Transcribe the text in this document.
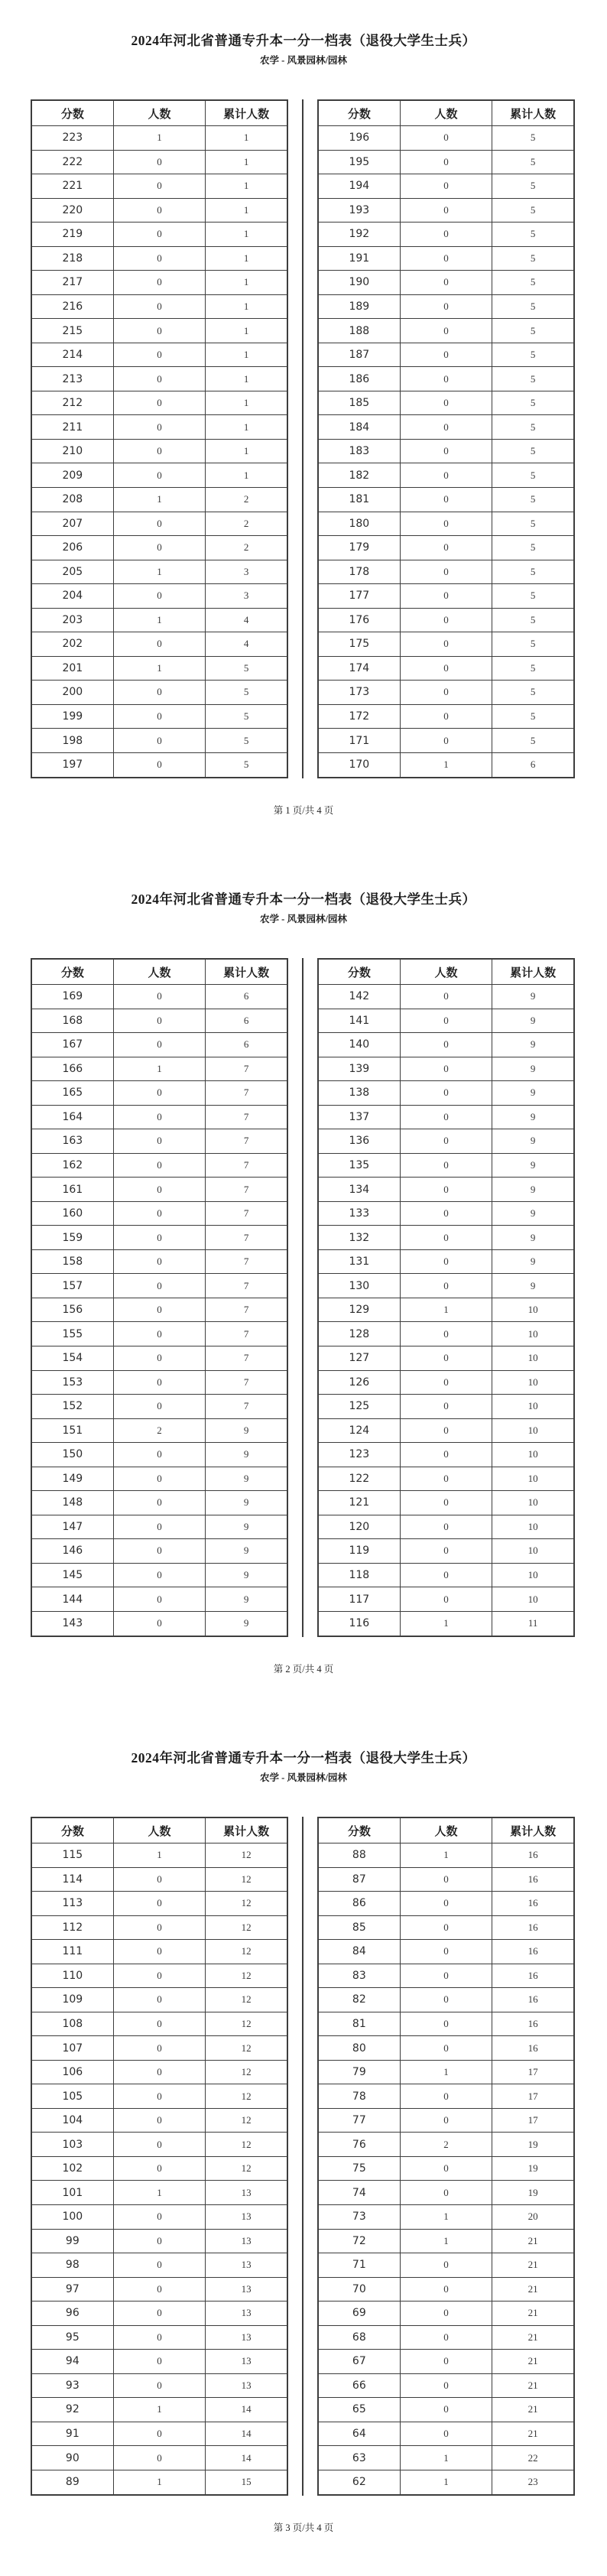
2024年河北省普通专升本一分一档表（退役大学生士兵）
农学 - 风景园林/园林
分数	人数	累计人数
223	1	1
222	0	1
221	0	1
220	0	1
219	0	1
218	0	1
217	0	1
216	0	1
215	0	1
214	0	1
213	0	1
212	0	1
211	0	1
210	0	1
209	0	1
208	1	2
207	0	2
206	0	2
205	1	3
204	0	3
203	1	4
202	0	4
201	1	5
200	0	5
199	0	5
198	0	5
197	0	5
分数	人数	累计人数
196	0	5
195	0	5
194	0	5
193	0	5
192	0	5
191	0	5
190	0	5
189	0	5
188	0	5
187	0	5
186	0	5
185	0	5
184	0	5
183	0	5
182	0	5
181	0	5
180	0	5
179	0	5
178	0	5
177	0	5
176	0	5
175	0	5
174	0	5
173	0	5
172	0	5
171	0	5
170	1	6
第 1 页/共 4 页
2024年河北省普通专升本一分一档表（退役大学生士兵）
农学 - 风景园林/园林
分数	人数	累计人数
169	0	6
168	0	6
167	0	6
166	1	7
165	0	7
164	0	7
163	0	7
162	0	7
161	0	7
160	0	7
159	0	7
158	0	7
157	0	7
156	0	7
155	0	7
154	0	7
153	0	7
152	0	7
151	2	9
150	0	9
149	0	9
148	0	9
147	0	9
146	0	9
145	0	9
144	0	9
143	0	9
分数	人数	累计人数
142	0	9
141	0	9
140	0	9
139	0	9
138	0	9
137	0	9
136	0	9
135	0	9
134	0	9
133	0	9
132	0	9
131	0	9
130	0	9
129	1	10
128	0	10
127	0	10
126	0	10
125	0	10
124	0	10
123	0	10
122	0	10
121	0	10
120	0	10
119	0	10
118	0	10
117	0	10
116	1	11
第 2 页/共 4 页
2024年河北省普通专升本一分一档表（退役大学生士兵）
农学 - 风景园林/园林
分数	人数	累计人数
115	1	12
114	0	12
113	0	12
112	0	12
111	0	12
110	0	12
109	0	12
108	0	12
107	0	12
106	0	12
105	0	12
104	0	12
103	0	12
102	0	12
101	1	13
100	0	13
99	0	13
98	0	13
97	0	13
96	0	13
95	0	13
94	0	13
93	0	13
92	1	14
91	0	14
90	0	14
89	1	15
分数	人数	累计人数
88	1	16
87	0	16
86	0	16
85	0	16
84	0	16
83	0	16
82	0	16
81	0	16
80	0	16
79	1	17
78	0	17
77	0	17
76	2	19
75	0	19
74	0	19
73	1	20
72	1	21
71	0	21
70	0	21
69	0	21
68	0	21
67	0	21
66	0	21
65	0	21
64	0	21
63	1	22
62	1	23
第 3 页/共 4 页
